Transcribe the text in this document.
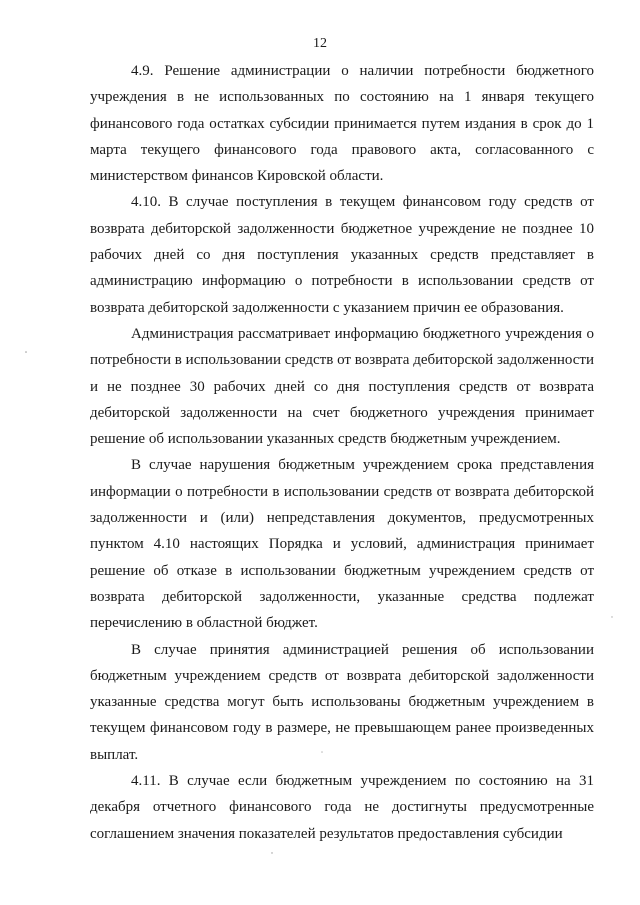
12

4.9. Решение администрации о наличии потребности бюджетного учреждения в не использованных по состоянию на 1 января текущего финансового года остатках субсидии принимается путем издания в срок до 1 марта текущего финансового года правового акта, согласованного с министерством финансов Кировской области.

4.10. В случае поступления в текущем финансовом году средств от возврата дебиторской задолженности бюджетное учреждение не позднее 10 рабочих дней со дня поступления указанных средств представляет в администрацию информацию о потребности в использовании средств от возврата дебиторской задолженности с указанием причин ее образования.

Администрация рассматривает информацию бюджетного учреждения о потребности в использовании средств от возврата дебиторской задолженности и не позднее 30 рабочих дней со дня поступления средств от возврата дебиторской задолженности на счет бюджетного учреждения принимает решение об использовании указанных средств бюджетным учреждением.

В случае нарушения бюджетным учреждением срока представления информации о потребности в использовании средств от возврата дебиторской задолженности и (или) непредставления документов, предусмотренных пунктом 4.10 настоящих Порядка и условий, администрация принимает решение об отказе в использовании бюджетным учреждением средств от возврата дебиторской задолженности, указанные средства подлежат перечислению в областной бюджет.

В случае принятия администрацией решения об использовании бюджетным учреждением средств от возврата дебиторской задолженности указанные средства могут быть использованы бюджетным учреждением в текущем финансовом году в размере, не превышающем ранее произведенных выплат.

4.11. В случае если бюджетным учреждением по состоянию на 31 декабря отчетного финансового года не достигнуты предусмотренные соглашением значения показателей результатов предоставления субсидии
